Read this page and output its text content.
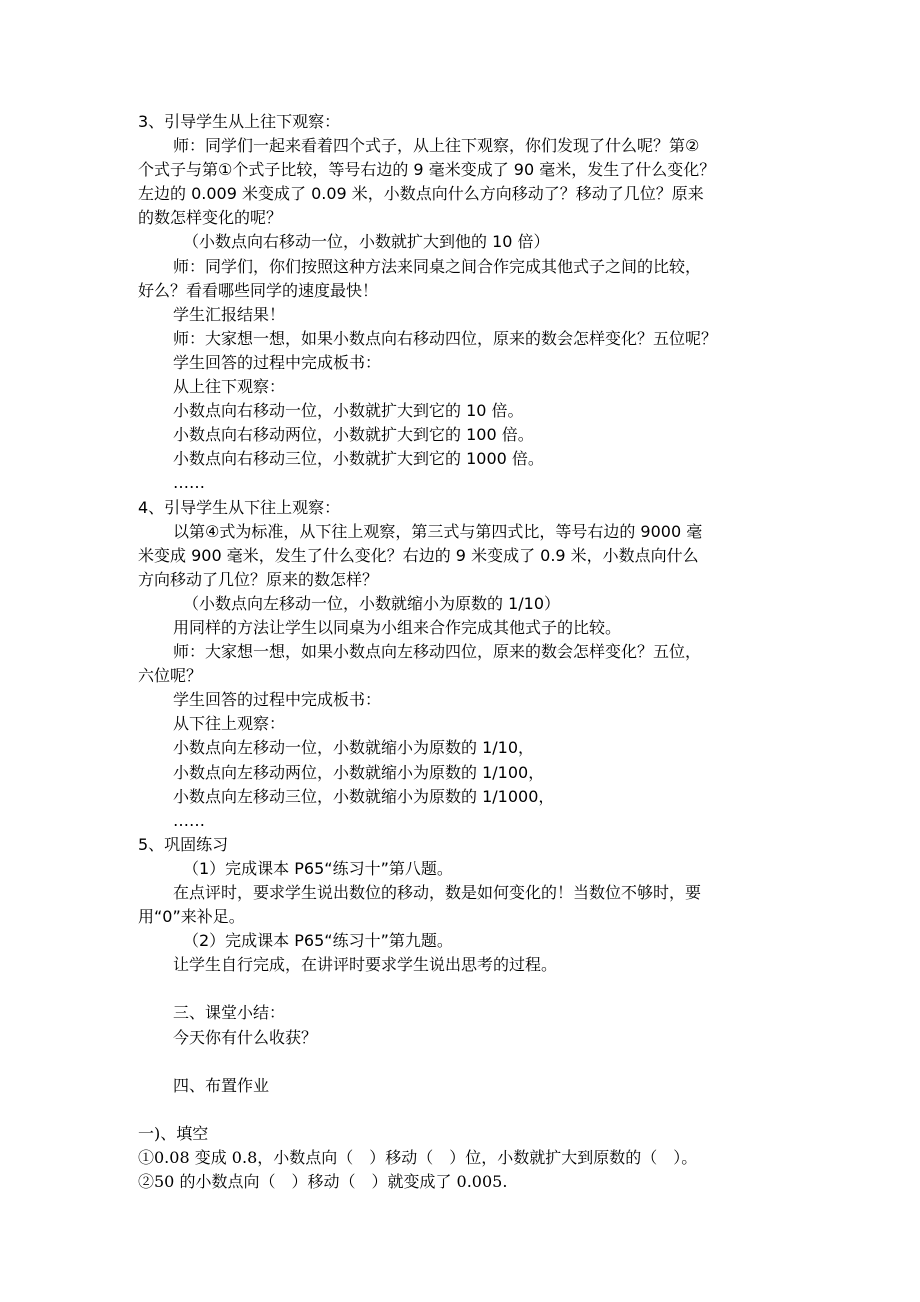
3、引导学生从上往下观察：
师：同学们一起来看着四个式子，从上往下观察，你们发现了什么呢？第②
个式子与第①个式子比较，等号右边的 9 毫米变成了 90 毫米，发生了什么变化？
左边的 0.009 米变成了 0.09 米，小数点向什么方向移动了？移动了几位？原来
的数怎样变化的呢？
（小数点向右移动一位，小数就扩大到他的 10 倍）
师：同学们，你们按照这种方法来同桌之间合作完成其他式子之间的比较，
好么？看看哪些同学的速度最快！
学生汇报结果！
师：大家想一想，如果小数点向右移动四位，原来的数会怎样变化？五位呢？
学生回答的过程中完成板书：
从上往下观察：
小数点向右移动一位，小数就扩大到它的 10 倍。
小数点向右移动两位，小数就扩大到它的 100 倍。
小数点向右移动三位，小数就扩大到它的 1000 倍。
……
4、引导学生从下往上观察：
以第④式为标准，从下往上观察，第三式与第四式比，等号右边的 9000 毫
米变成 900 毫米，发生了什么变化？右边的 9 米变成了 0.9 米，小数点向什么
方向移动了几位？原来的数怎样？
（小数点向左移动一位，小数就缩小为原数的 1/10）
用同样的方法让学生以同桌为小组来合作完成其他式子的比较。
师：大家想一想，如果小数点向左移动四位，原来的数会怎样变化？五位，
六位呢？
学生回答的过程中完成板书：
从下往上观察：
小数点向左移动一位，小数就缩小为原数的 1/10，
小数点向左移动两位，小数就缩小为原数的 1/100，
小数点向左移动三位，小数就缩小为原数的 1/1000，
……
5、巩固练习
（1）完成课本 P65“练习十”第八题。
在点评时，要求学生说出数位的移动，数是如何变化的！当数位不够时，要
用“0”来补足。
（2）完成课本 P65“练习十”第九题。
让学生自行完成，在讲评时要求学生说出思考的过程。
三、课堂小结：
今天你有什么收获？
四、布置作业
一)、填空
①0.08 变成 0.8，小数点向（　）移动（　）位，小数就扩大到原数的（　）。
②50 的小数点向（　）移动（　）就变成了 0.005.
